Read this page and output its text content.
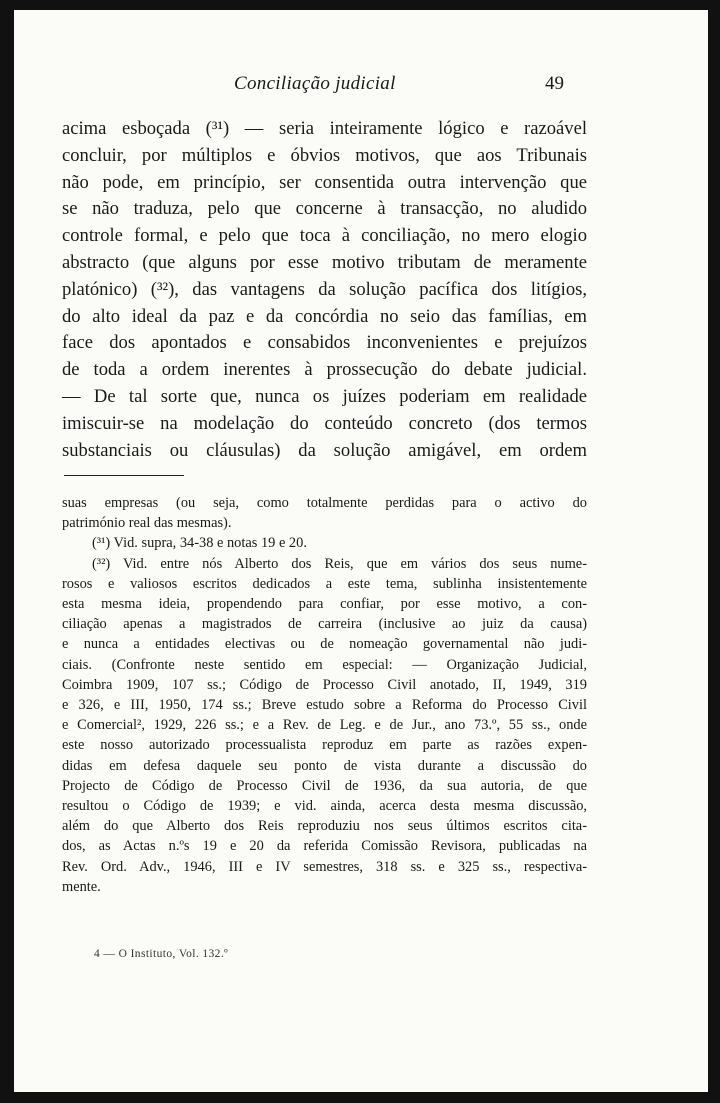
Conciliação judicial	49
acima esboçada (³¹) — seria inteiramente lógico e razoável
concluir, por múltiplos e óbvios motivos, que aos Tribunais
não pode, em princípio, ser consentida outra intervenção que
se não traduza, pelo que concerne à transacção, no aludido
controle formal, e pelo que toca à conciliação, no mero elogio
abstracto (que alguns por esse motivo tributam de meramente
platónico) (³²), das vantagens da solução pacífica dos litígios,
do alto ideal da paz e da concórdia no seio das famílias, em
face dos apontados e consabidos inconvenientes e prejuízos
de toda a ordem inerentes à prossecução do debate judicial.
— De tal sorte que, nunca os juízes poderiam em realidade
imiscuir-se na modelação do conteúdo concreto (dos termos
substanciais ou cláusulas) da solução amigável, em ordem
suas empresas (ou seja, como totalmente perdidas para o activo do
património real das mesmas).
(³¹) Vid. supra, 34-38 e notas 19 e 20.
(³²) Vid. entre nós Alberto dos Reis, que em vários dos seus nume-
rosos e valiosos escritos dedicados a este tema, sublinha insistentemente
esta mesma ideia, propendendo para confiar, por esse motivo, a con-
ciliação apenas a magistrados de carreira (inclusive ao juiz da causa)
e nunca a entidades electivas ou de nomeação governamental não judi-
ciais. (Confronte neste sentido em especial: — Organização Judicial,
Coimbra 1909, 107 ss.; Código de Processo Civil anotado, II, 1949, 319
e 326, e III, 1950, 174 ss.; Breve estudo sobre a Reforma do Processo Civil
e Comercial², 1929, 226 ss.; e a Rev. de Leg. e de Jur., ano 73.º, 55 ss., onde
este nosso autorizado processualista reproduz em parte as razões expen-
didas em defesa daquele seu ponto de vista durante a discussão do
Projecto de Código de Processo Civil de 1936, da sua autoria, de que
resultou o Código de 1939; e vid. ainda, acerca desta mesma discussão,
além do que Alberto dos Reis reproduziu nos seus últimos escritos cita-
dos, as Actas n.ºs 19 e 20 da referida Comissão Revisora, publicadas na
Rev. Ord. Adv., 1946, III e IV semestres, 318 ss. e 325 ss., respectiva-
mente.
4 — O Instituto, Vol. 132.º
